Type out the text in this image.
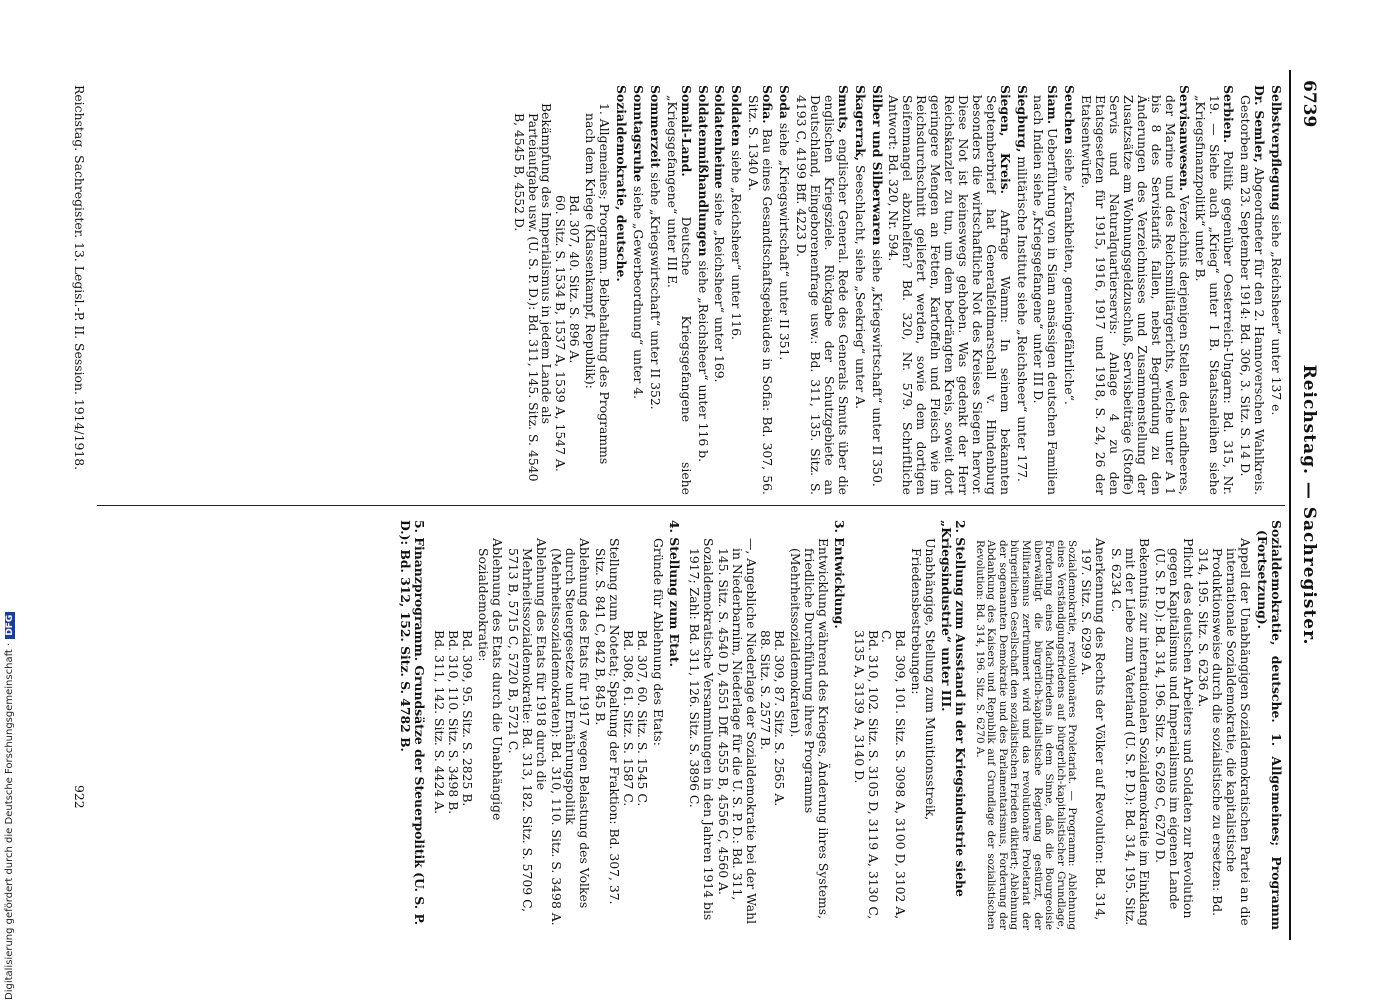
6739
Reichstag. — Sachregister.

Selbstverpflegung siehe „Reichsheer“ unter 137 e.

Dr. Semler, Abgeordneter für den 2. Hannoverschen Wahlkreis. Gestorben am 23. September 1914: Bd. 306, 3. Sitz. S. 14 D.

Serbien. Politik gegenüber Oesterreich-Ungarn: Bd. 315, Nr. 19. — Siehe auch „Krieg“ unter I B. Staatsanleihen siehe „Kriegsfinanzpolitik“ unter B.

Servisanwesen. Verzeichnis derjenigen Stellen des Landheeres, der Marine und des Reichsmilitärgerichts, welche unter A 1 bis 8 des Servistarifs fallen, nebst Begründung zu den Änderungen des Verzeichnisses und Zusammenstellung der Zusatzsätze am Wohnungsgeldzuschuß, Servisbeiträge (Stoffe) Servis und Naturalquartierservis: Anlage 4 zu den Etatsgesetzen für 1915, 1916, 1917 und 1918, S. 24, 26 der Etatsentwürfe.

Seuchen siehe „Krankheiten, gemeingefährliche“.

Siam. Ueberführung von in Siam ansässigen deutschen Familien nach Indien siehe „Kriegsgefangene“ unter III D.

Siegburg, militärische Institute siehe „Reichsheer“ unter 177.

Siegen, Kreis. Anfrage Wamm: In seinem bekannten Septemberbrief hat Generalfeldmarschall v. Hindenburg besonders die wirtschaftliche Not des Kreises Siegen hervor. Diese Not ist keineswegs gehoben. Was gedenkt der Herr Reichskanzler zu tun, um dem bedrängten Kreis, soweit dort geringere Mengen an Fetten, Kartoffeln und Fleisch wie im Reichsdurchschnitt geliefert werden, sowie dem dortigen Seifenmangel abzuhelfen? Bd. 320, Nr. 579. Schriftliche Antwort: Bd. 320, Nr. 594.

Silber und Silberwaren siehe „Kriegswirtschaft“ unter II 350.

Skagerrak, Seeschlacht, siehe „Seekrieg“ unter A.

Smuts, englischer General. Rede des Generals Smuts über die englischen Kriegsziele. Rückgabe der Schutzgebiete an Deutschland, Eingeborenenfrage usw.: Bd. 311, 135. Sitz. S. 4193 C, 4199 Bff. 4223 D.

Soda siehe „Kriegswirtschaft“ unter II 351.

Sofia. Bau eines Gesandtschaftsgebäudes in Sofia: Bd. 307, 56. Sitz. S. 1340 A.

Soldaten siehe „Reichsheer“ unter 116.

Soldatenheime siehe „Reichsheer“ unter 169.

Soldatenmißhandlungen siehe „Reichsheer“ unter 116 b.

Somali-Land. Deutsche Kriegsgefangene siehe „Kriegsgefangene“ unter III E.

Sommerzeit siehe „Kriegswirtschaft“ unter II 352.

Sonntagsruhe siehe „Gewerbeordnung“ unter 4.

Sozialdemokratie, deutsche.

1. Allgemeines; Programm. Beibehaltung des Programms nach dem Kriege (Klassenkampf, Republik):

Bd. 307, 40. Sitz. S. 896 A.

60. Sitz. S. 1534 B, 1537 A, 1539 A, 1547 A.

Bekämpfung des Imperialismus in jedem Lande als Parteiaufgabe usw. (U. S. P. D.): Bd. 311, 145. Sitz. S. 4540 B, 4545 B, 4552 D.

Sozialdemokratie, deutsche. 1. Allgemeines; Programm (Fortsetzung).

Appell der Unabhängigen Sozialdemokratischen Partei an die internationale Sozialdemokratie, die kapitalistische Produktionsweise durch die sozialistische zu ersetzen: Bd. 314, 195. Sitz. S. 6236 A.

Pflicht des deutschen Arbeiters und Soldaten zur Revolution gegen Kapitalismus und Imperialismus im eigenen Lande (U. S. P. D.): Bd. 314, 196. Sitz. S. 6269 C, 6270 D.

Bekenntnis zur internationalen Sozialdemokratie im Einklang mit der Liebe zum Vaterland (U. S. P. D.): Bd. 314, 195. Sitz. S. 6234 C.

Anerkennung des Rechts der Völker auf Revolution: Bd. 314, 197. Sitz. S. 6299 A.

Sozialdemokratie, revolutionäres Proletariat. — Programm: Ablehnung eines Verständigungsfriedens auf bürgerlich-kapitalistischer Grundlage, Forderung eines Machtfriedens in dem Sinne, daß die Bourgeoisie überwältigt die bürgerlich-kapitalistische Regierung gestürzt, der Militarismus zertrümmert wird und das revolutionäre Proletariat der bürgerlichen Gesellschaft den sozialistischen Frieden diktiert; Ablehnung der sogenannten Demokratie und des Parlamentarismus, Forderung der Abdankung des Kaisers und Republik auf Grundlage der sozialistischen Revolution: Bd. 314, 196. Sitz. S. 6270 A.

2. Stellung zum Ausstand in der Kriegsindustrie siehe „Kriegsindustrie“ unter III.

Unabhängige, Stellung zum Munitionsstreik, Friedensbestrebungen:

Bd. 309, 101. Sitz. S. 3098 A, 3100 D, 3102 A, C.

Bd. 310, 102. Sitz. S. 3105 D, 3119 A, 3130 C, 3135 A, 3139 A, 3140 D.

3. Entwicklung.

Entwicklung während des Krieges, Änderung ihres Systems, friedliche Durchführung ihres Programms (Mehrheitssozialdemokraten).

Bd. 309, 87. Sitz. S. 2565 A.

88. Sitz. S. 2577 B.

—, Angebliche Niederlage der Sozialdemokratie bei der Wahl in Niederbarnim, Niederlage für die U. S. P. D.: Bd. 311, 145. Sitz. S. 4540 D, 4551 Dff. 4555 B, 4556 C, 4560 A.

Sozialdemokratische Versammlungen in den Jahren 1914 bis 1917; Zahl: Bd. 311, 126. Sitz. S. 3896 C.

4. Stellung zum Etat.

Gründe für Ablehnung des Etats:

Bd. 307, 60. Sitz. S. 1545 C.

Bd. 308, 61. Sitz. S. 1587 C.

Stellung zum Notetat; Spaltung der Fraktion: Bd. 307, 37. Sitz. S. 841 C, 842 B, 845 B.

Ablehnung des Etats für 1917 wegen Belastung des Volkes durch Steuergesetze und Ernährungspolitik (Mehrheitssozialdemokraten): Bd. 310, 110. Sitz. S. 3498 A.

Ablehnung des Etats für 1918 durch die Mehrheitssozialdemokratie: Bd. 313, 182. Sitz. S. 5709 C, 5713 B, 5715 C, 5720 B, 5721 C.

Ablehnung des Etats durch die Unabhängige Sozialdemokratie:

Bd. 309, 95. Sitz. S. 2825 B.

Bd. 310, 110. Sitz. S. 3498 B.

Bd. 311, 142. Sitz. S. 4424 A.

5. Finanzprogramm. Grundsätze der Steuerpolitik (U. S. P. D.): Bd. 312, 152. Sitz. S. 4782 B.

Reichstag. Sachregister. 13. Legisl.-P. II. Session. 1914/1918.
922
Digitalisierung gefördert durch die Deutsche Forschungsgemeinschaft ·DFG
